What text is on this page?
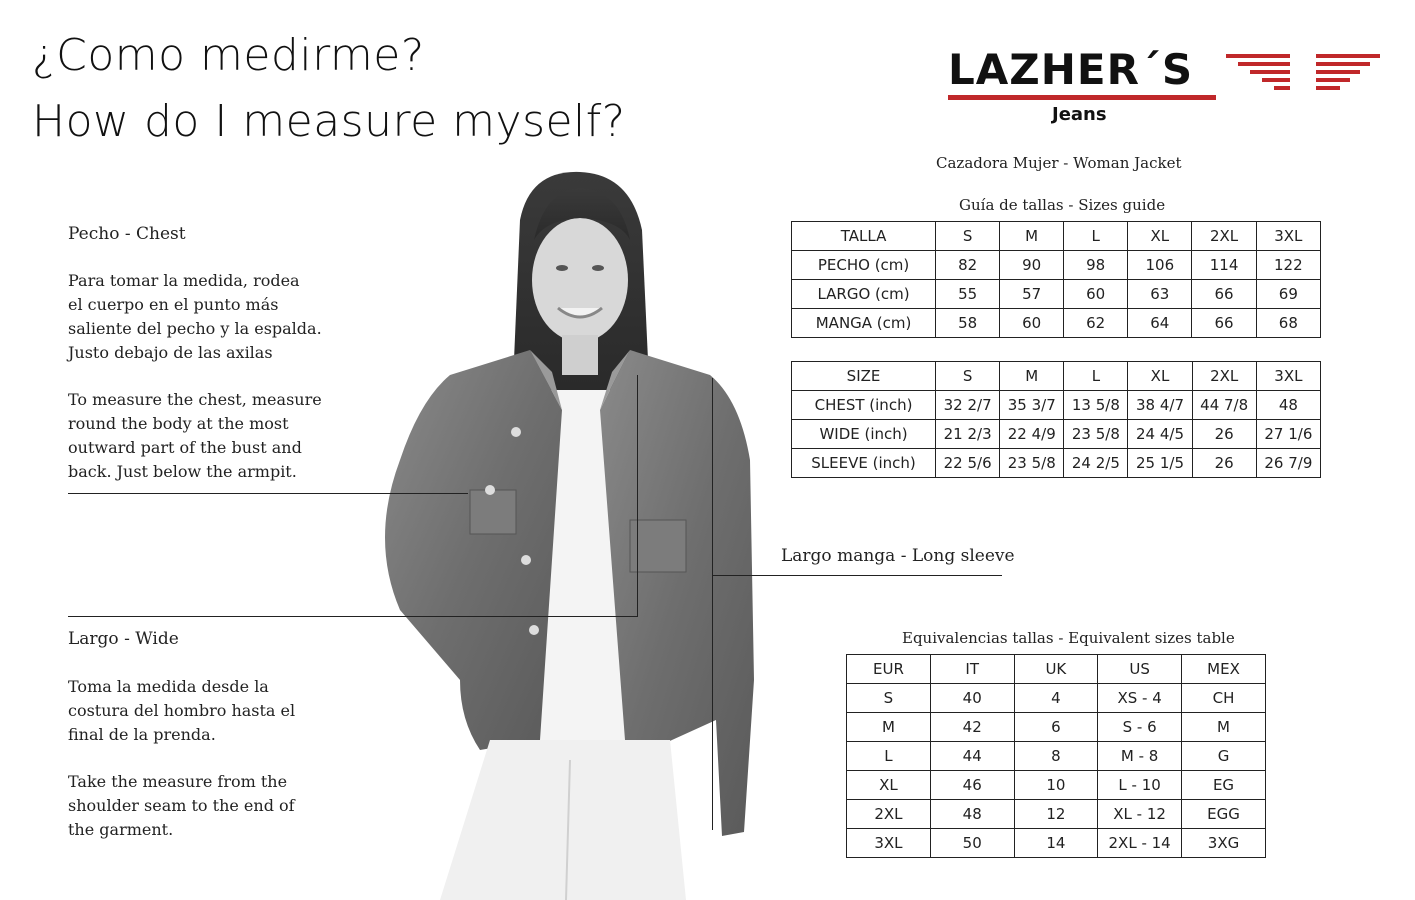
¿Como medirme?
How do I measure myself?
LAZHER´S
Jeans
Cazadora Mujer - Woman Jacket
Guía de tallas - Sizes guide
Equivalencias tallas - Equivalent sizes table
TALLA	S	M	L	XL	2XL	3XL
PECHO (cm)	82	90	98	106	114	122
LARGO (cm)	55	57	60	63	66	69
MANGA (cm)	58	60	62	64	66	68
SIZE	S	M	L	XL	2XL	3XL
CHEST (inch)	32 2/7	35 3/7	13 5/8	38 4/7	44 7/8	48
WIDE (inch)	21 2/3	22 4/9	23 5/8	24 4/5	26	27 1/6
SLEEVE (inch)	22 5/6	23 5/8	24 2/5	25 1/5	26	26 7/9
EUR	IT	UK	US	MEX
S	40	4	XS - 4	CH
M	42	6	S - 6	M
L	44	8	M - 8	G
XL	46	10	L - 10	EG
2XL	48	12	XL - 12	EGG
3XL	50	14	2XL - 14	3XG
Pecho - Chest
Para tomar la medida, rodea
el cuerpo en el punto más
saliente del pecho y la espalda.
Justo debajo de las axilas
To measure the chest, measure
round the body at the most
outward part of the bust and
back. Just below the armpit.
Largo - Wide
Toma la medida desde la
costura del hombro hasta el
final de la prenda.
Take the measure from the
shoulder seam to the end of
the garment.
Largo manga - Long sleeve
